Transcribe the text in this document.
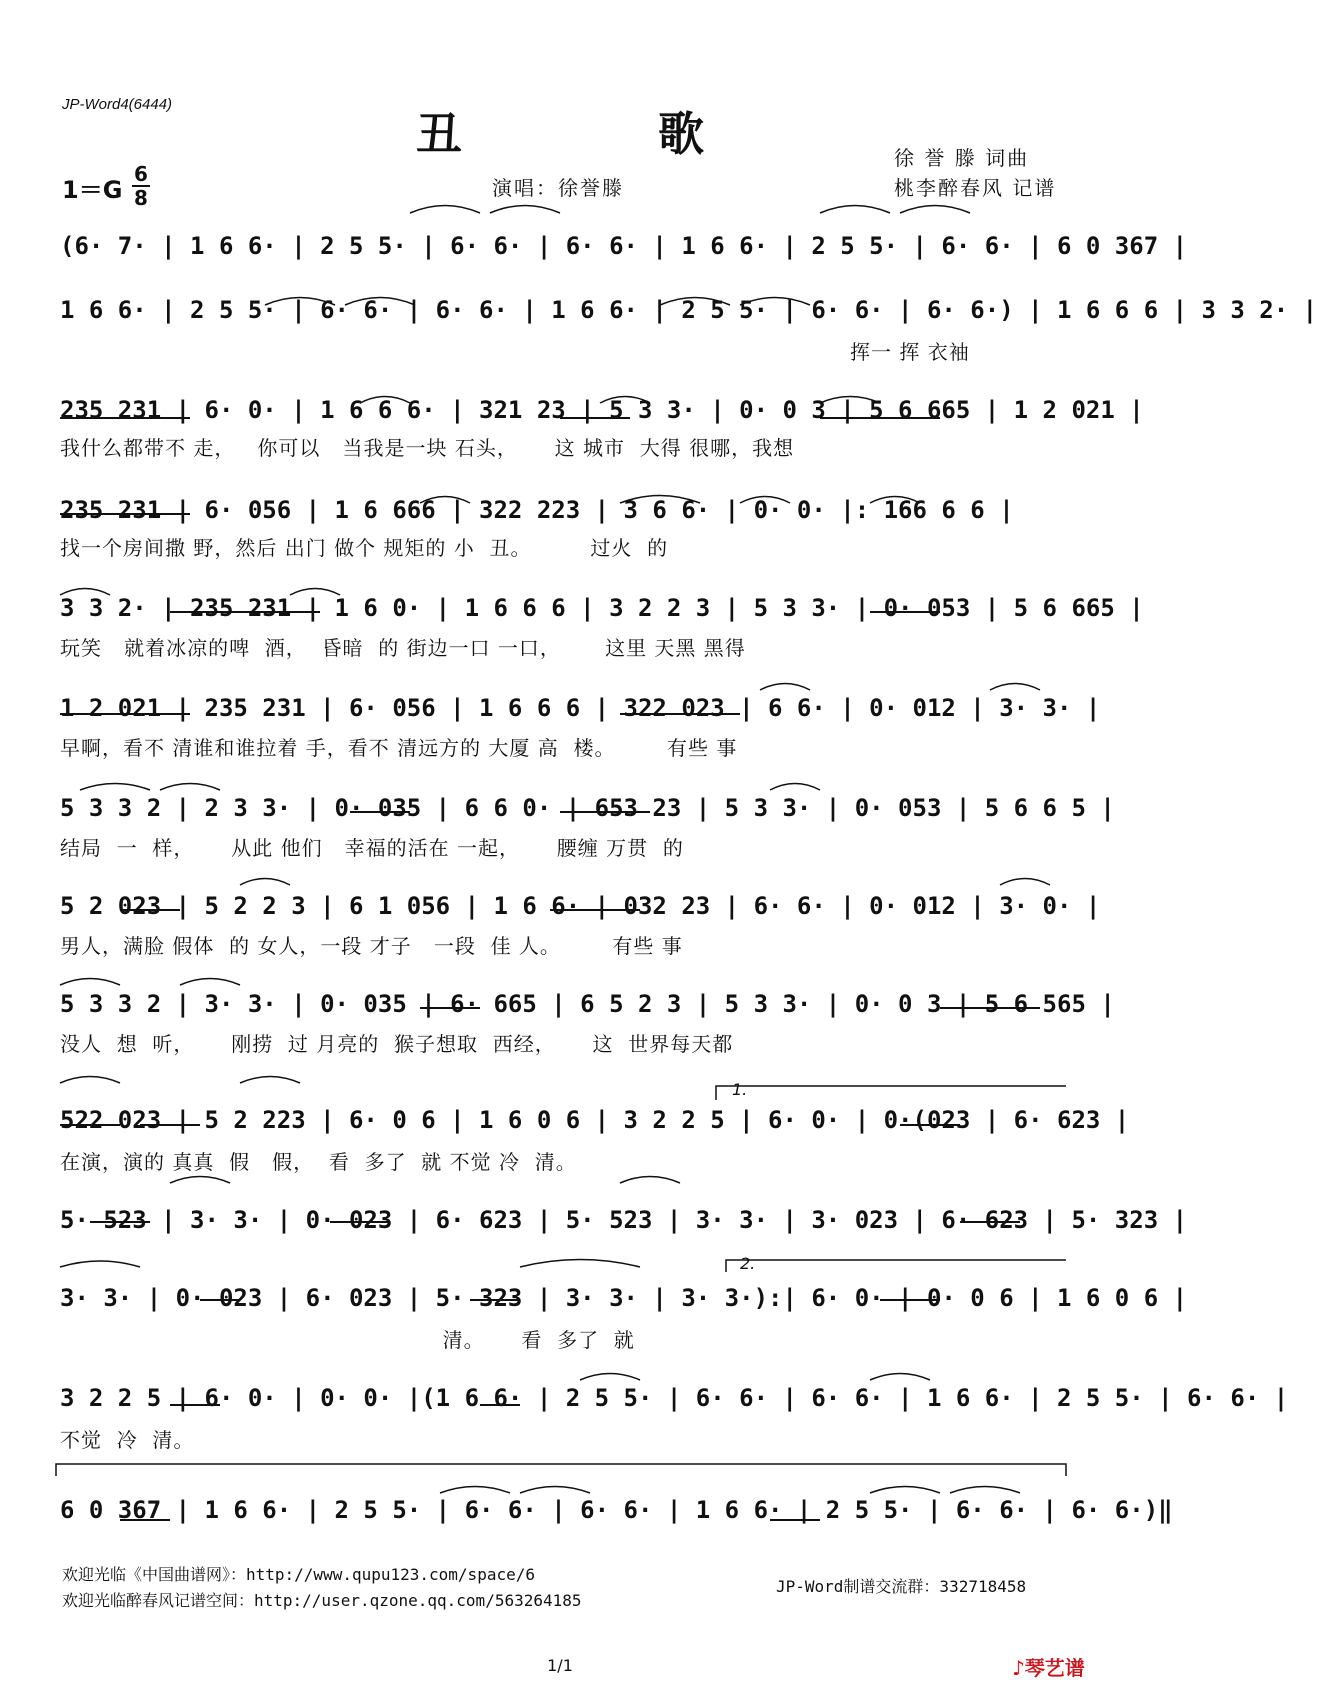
JP-Word4(6444)
丑 歌	徐 誉 滕 词曲
桃李醉春风 记谱
演唱：徐誉滕
1＝G
6
8
(6· 7· | 1 6 6· | 2 5 5· | 6· 6· | 6· 6· | 1 6 6· | 2 5 5· | 6· 6· | 6 0 367 |
1 6 6· | 2 5 5· | 6· 6· | 6· 6· | 1 6 6· | 2 5 5· | 6· 6· | 6· 6·) | 1 6 6 6 | 3 3 2· |
挥一 挥 衣袖
235 231 | 6· 0· | 1 6 6 6· | 321 23 | 5 3 3· | 0· 0 3 | 5 6 665 | 1 2 021 |
我什么都带不 走，   你可以   当我是一块 石头，     这 城市  大得 很哪，我想
235 231 | 6· 056 | 1 6 666 | 322 223 | 3 6 6· | 0· 0· |: 166 6 6 |
找一个房间撒 野，然后 出门 做个 规矩的 小  丑。        过火  的
3 3 2· | 235 231 | 1 6 0· | 1 6 6 6 | 3 2 2 3 | 5 3 3· | 0· 053 | 5 6 665 |
玩笑   就着冰凉的啤  酒，  昏暗  的 街边一口 一口，      这里 天黑 黑得
1 2 021 | 235 231 | 6· 056 | 1 6 6 6 | 322 023 | 6 6· | 0· 012 | 3· 3· |
早啊，看不 清谁和谁拉着 手，看不 清远方的 大厦 高  楼。       有些 事
5 3 3 2 | 2 3 3· | 0· 035 | 6 6 0· | 653 23 | 5 3 3· | 0· 053 | 5 6 6 5 |
结局  一  样，     从此 他们   幸福的活在 一起，     腰缠 万贯  的
5 2 023 | 5 2 2 3 | 6 1 056 | 1 6 6· | 032 23 | 6· 6· | 0· 012 | 3· 0· |
男人，满脸 假体  的 女人，一段 才子   一段  佳 人。       有些 事
5 3 3 2 | 3· 3· | 0· 035 | 6· 665 | 6 5 2 3 | 5 3 3· | 0· 0 3 | 5 6 565 |
没人  想  听，     刚捞  过 月亮的  猴子想取  西经，     这  世界每天都
1.
522 023 | 5 2 223 | 6· 0 6 | 1 6 0 6 | 3 2 2 5 | 6· 0· | 0·(023 | 6· 623 |
在演，演的 真真  假   假，  看  多了  就 不觉 冷  清。
5· 523 | 3· 3· | 0· 023 | 6· 623 | 5· 523 | 3· 3· | 3· 023 | 6· 623 | 5· 323 |
2.
3· 3· | 0· 023 | 6· 023 | 5· 323 | 3· 3· | 3· 3·):| 6· 0· | 0· 0 6 | 1 6 0 6 |
清。     看  多了  就
3 2 2 5 | 6· 0· | 0· 0· |(1 6 6· | 2 5 5· | 6· 6· | 6· 6· | 1 6 6· | 2 5 5· | 6· 6· |
不觉  冷  清。
6 0 367 | 1 6 6· | 2 5 5· | 6· 6· | 6· 6· | 1 6 6· | 2 5 5· | 6· 6· | 6· 6·)‖
欢迎光临《中国曲谱网》：http://www.qupu123.com/space/6
欢迎光临醉春风记谱空间：http://user.qzone.qq.com/563264185
JP-Word制谱交流群：332718458
1/1	♪琴艺谱
